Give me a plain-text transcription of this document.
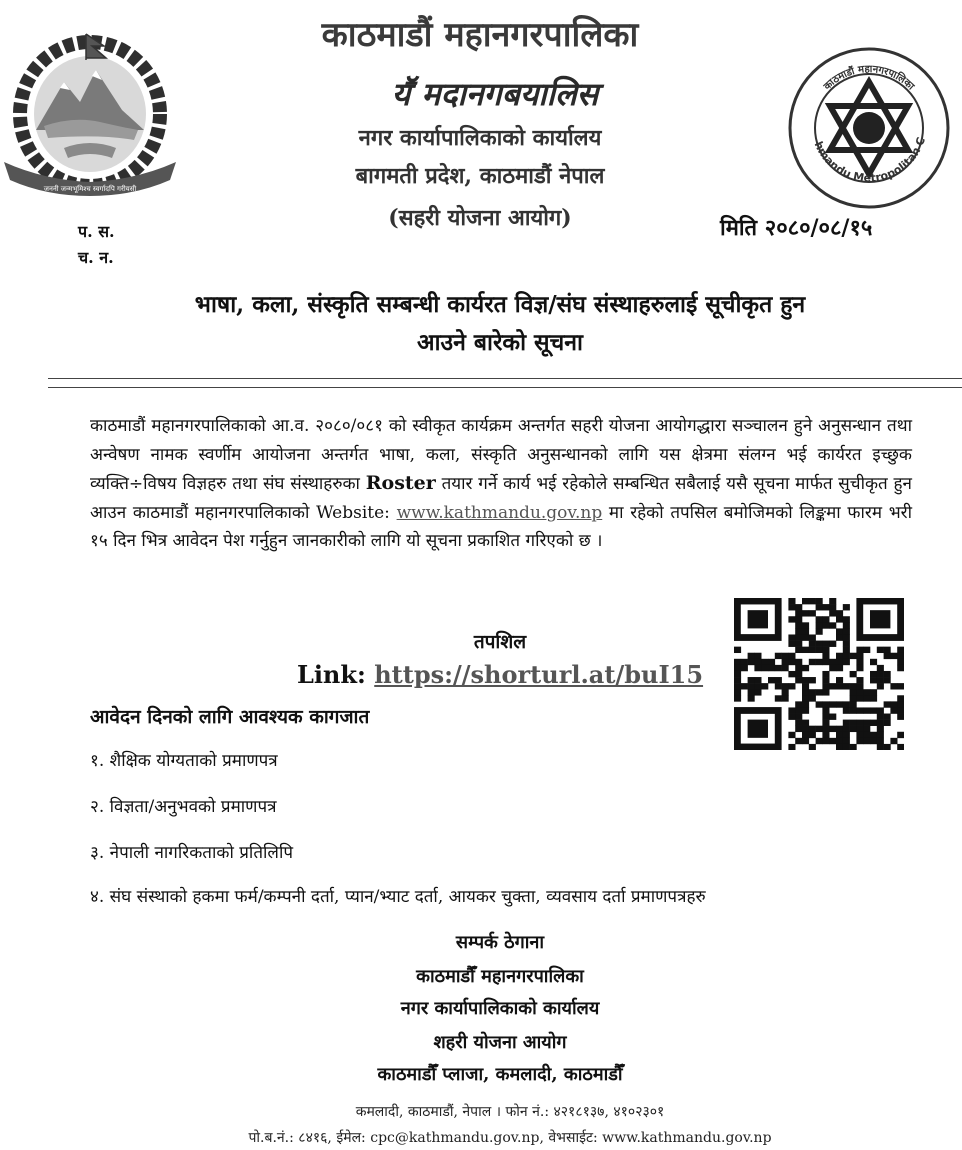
जननी जन्मभूमिश्च स्वर्गादपि गरीयसी
hmandu Metropolitan C
काठमाडौं महानगरपालिका
काठमाडौं महानगरपालिका
यॕ मदानगबयालिस
नगर कार्यापालिकाको कार्यालय
बागमती प्रदेश, काठमाडौं नेपाल
(सहरी योजना आयोग)	मिति २०८०/०८/१५
प. स.
च. न.
भाषा, कला, संस्कृति सम्बन्धी कार्यरत विज्ञ/संघ संस्थाहरुलाई सूचीकृत हुन
आउने बारेको सूचना
काठमाडौं महानगरपालिकाको आ.व. २०८०/०८१ को स्वीकृत कार्यक्रम अन्तर्गत सहरी योजना आयोगद्धारा सञ्चालन हुने अनुसन्धान तथा अन्वेषण नामक स्वर्णीम आयोजना अन्तर्गत भाषा, कला, संस्कृति अनुसन्धानको लागि यस क्षेत्रमा संलग्न भई कार्यरत इच्छुक व्यक्ति÷विषय विज्ञहरु तथा संघ संस्थाहरुका Roster तयार गर्ने कार्य भई रहेकोले सम्बन्धित सबैलाई यसै सूचना मार्फत सुचीकृत हुन आउन काठमाडौं महानगरपालिकाको Website: www.kathmandu.gov.np मा रहेको तपसिल बमोजिमको लिङ्कमा फारम भरी १५ दिन भित्र आवेदन पेश गर्नुहुन जानकारीको लागि यो सूचना प्रकाशित गरिएको छ ।
तपशिल
Link: https://shorturl.at/buI15
आवेदन दिनको लागि आवश्यक कागजात
१. शैक्षिक योग्यताको प्रमाणपत्र
२. विज्ञता/अनुभवको प्रमाणपत्र
३. नेपाली नागरिकताको प्रतिलिपि
४. संघ संस्थाको हकमा फर्म/कम्पनी दर्ता, प्यान/भ्याट दर्ता, आयकर चुक्ता, व्यवसाय दर्ता प्रमाणपत्रहरु
सम्पर्क ठेगाना
काठमाडौँ महानगरपालिका
नगर कार्यापालिकाको कार्यालय
शहरी योजना आयोग
काठमाडौँ प्लाजा, कमलादी, काठमाडौँ
कमलादी, काठमाडौं, नेपाल । फोन नं.: ४२१८१३७, ४१०२३०१
पो.ब.नं.: ८४१६, ईमेल: cpc@kathmandu.gov.np, वेभसाईट: www.kathmandu.gov.np
